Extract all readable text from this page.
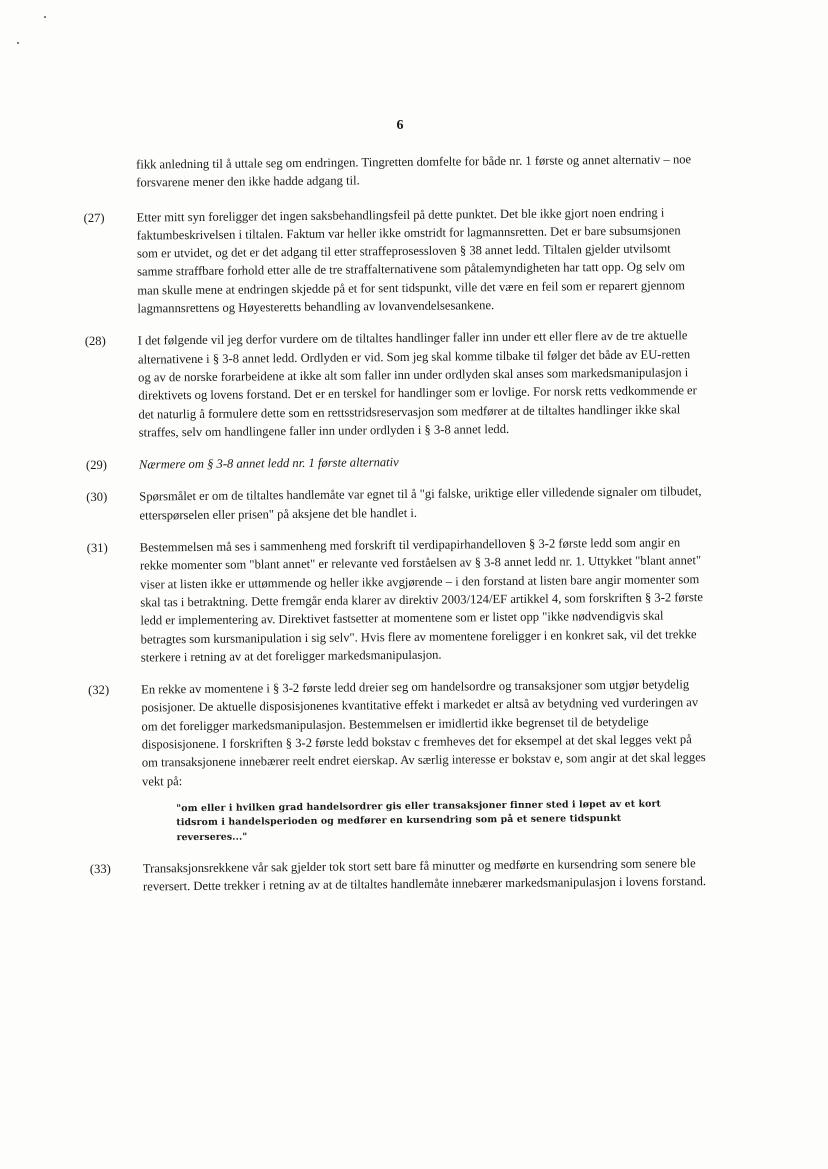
6
fikk anledning til å uttale seg om endringen. Tingretten domfelte for både nr. 1 første og annet alternativ – noe forsvarene mener den ikke hadde adgang til.
(27)	Etter mitt syn foreligger det ingen saksbehandlingsfeil på dette punktet. Det ble ikke gjort noen endring i faktumbeskrivelsen i tiltalen. Faktum var heller ikke omstridt for lagmannsretten. Det er bare subsumsjonen som er utvidet, og det er det adgang til etter straffeprosessloven § 38 annet ledd. Tiltalen gjelder utvilsomt samme straffbare forhold etter alle de tre straffalternativene som påtalemyndigheten har tatt opp. Og selv om man skulle mene at endringen skjedde på et for sent tidspunkt, ville det være en feil som er reparert gjennom lagmannsrettens og Høyesteretts behandling av lovanvendelsesankene.
(28)	I det følgende vil jeg derfor vurdere om de tiltaltes handlinger faller inn under ett eller flere av de tre aktuelle alternativene i § 3-8 annet ledd. Ordlyden er vid. Som jeg skal komme tilbake til følger det både av EU-retten og av de norske forarbeidene at ikke alt som faller inn under ordlyden skal anses som markedsmanipulasjon i direktivets og lovens forstand. Det er en terskel for handlinger som er lovlige. For norsk retts vedkommende er det naturlig å formulere dette som en rettsstridsreservasjon som medfører at de tiltaltes handlinger ikke skal straffes, selv om handlingene faller inn under ordlyden i § 3-8 annet ledd.
(29)	Nærmere om § 3-8 annet ledd nr. 1 første alternativ
(30)	Spørsmålet er om de tiltaltes handlemåte var egnet til å "gi falske, uriktige eller villedende signaler om tilbudet, etterspørselen eller prisen" på aksjene det ble handlet i.
(31)	Bestemmelsen må ses i sammenheng med forskrift til verdipapirhandelloven § 3-2 første ledd som angir en rekke momenter som "blant annet" er relevante ved forståelsen av § 3-8 annet ledd nr. 1. Uttykket "blant annet" viser at listen ikke er uttømmende og heller ikke avgjørende – i den forstand at listen bare angir momenter som skal tas i betraktning. Dette fremgår enda klarer av direktiv 2003/124/EF artikkel 4, som forskriften § 3-2 første ledd er implementering av. Direktivet fastsetter at momentene som er listet opp "ikke nødvendigvis skal betragtes som kursmanipulation i sig selv". Hvis flere av momentene foreligger i en konkret sak, vil det trekke sterkere i retning av at det foreligger markedsmanipulasjon.
(32)	En rekke av momentene i § 3-2 første ledd dreier seg om handelsordre og transaksjoner som utgjør betydelig posisjoner. De aktuelle disposisjonenes kvantitative effekt i markedet er altså av betydning ved vurderingen av om det foreligger markedsmanipulasjon. Bestemmelsen er imidlertid ikke begrenset til de betydelige disposisjonene. I forskriften § 3-2 første ledd bokstav c fremheves det for eksempel at det skal legges vekt på om transaksjonene innebærer reelt endret eierskap. Av særlig interesse er bokstav e, som angir at det skal legges vekt på:
"om eller i hvilken grad handelsordrer gis eller transaksjoner finner sted i løpet av et kort tidsrom i handelsperioden og medfører en kursendring som på et senere tidspunkt reverseres..."
(33)	Transaksjonsrekkene vår sak gjelder tok stort sett bare få minutter og medførte en kursendring som senere ble reversert. Dette trekker i retning av at de tiltaltes handlemåte innebærer markedsmanipulasjon i lovens forstand.
